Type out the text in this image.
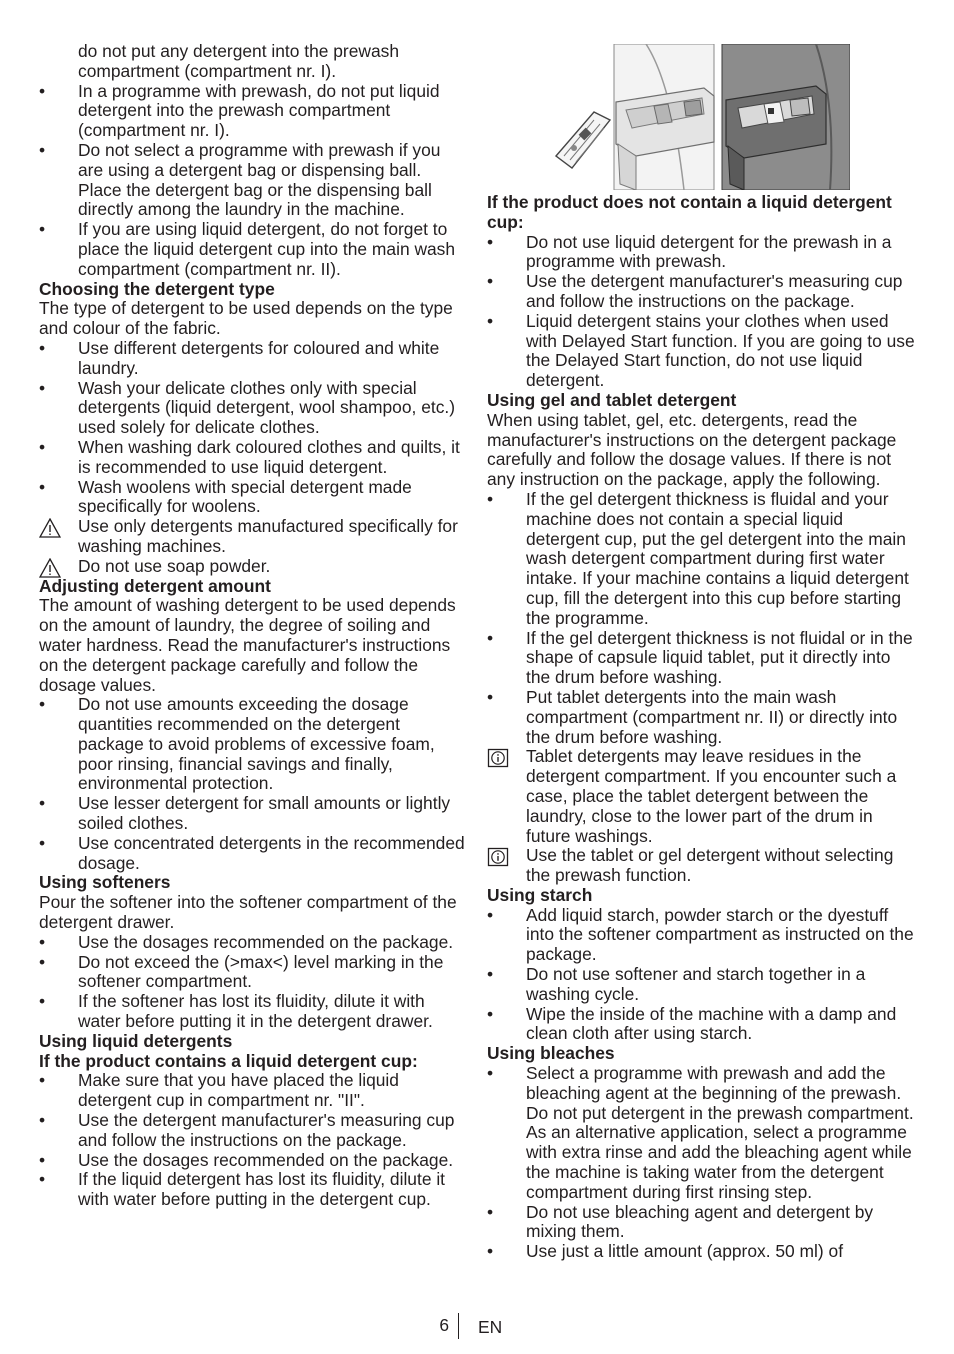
do not put any detergent into the prewash compartment (compartment nr. I).

•	In a programme with prewash, do not put liquid detergent into the prewash compartment (compartment nr. I).

•	Do not select a programme with prewash if you are using a detergent bag or dispensing ball. Place the detergent bag or the dispensing ball directly among the laundry in the machine.

•	If you are using liquid detergent, do not forget to place the liquid detergent cup into the main wash compartment (compartment nr. II).

Choosing the detergent type

The type of detergent to be used depends on the type and colour of the fabric.

•	Use different detergents for coloured and white laundry.

•	Wash your delicate clothes only with special detergents (liquid detergent, wool shampoo, etc.) used solely for delicate clothes.

•	When washing dark coloured clothes and quilts, it is recommended to use liquid detergent.

•	Wash woolens with special detergent made specifically for woolens.

Use only detergents manufactured specifically for washing machines.

Do not use soap powder.

Adjusting detergent amount

The amount of washing detergent to be used depends on the amount of laundry, the degree of soiling and water hardness. Read the manufacturer's instructions on the detergent package carefully and follow the dosage values.

•	Do not use amounts exceeding the dosage quantities recommended on the detergent package to avoid problems of excessive foam, poor rinsing, financial savings and finally, environmental protection.

•	Use lesser detergent for small amounts or lightly soiled clothes.

•	Use concentrated detergents in the recommended dosage.

Using softeners

Pour the softener into the softener compartment of the detergent drawer.

•	Use the dosages recommended on the package.

•	Do not exceed the (>max<) level marking in the softener compartment.

•	If the softener has lost its fluidity, dilute it with water before putting it in the detergent drawer.

Using liquid detergents

If the product contains a liquid detergent cup:

•	Make sure that you have placed the liquid detergent cup in compartment nr. "II".

•	Use the detergent manufacturer's measuring cup and follow the instructions on the package.

•	Use the dosages recommended on the package.

•	If the liquid detergent has lost its fluidity, dilute it with water before putting in the detergent cup.

If the product does not contain a liquid detergent cup:

•	Do not use liquid detergent for the prewash in a programme with prewash.

•	Use the detergent manufacturer's measuring cup and follow the instructions on the package.

•	Liquid detergent stains your clothes when used with Delayed Start function. If you are going to use the Delayed Start function, do not use liquid detergent.

Using gel and tablet detergent

When using tablet, gel, etc. detergents, read the manufacturer's instructions on the detergent package carefully and follow the dosage values. If there is not any instruction on the package, apply the following.

•	If the gel detergent thickness is fluidal and your machine does not contain a special liquid detergent cup, put the gel detergent into the main wash detergent compartment during first water intake. If your machine contains a liquid detergent cup, fill the detergent into this cup before starting the programme.

•	If the gel detergent thickness is not fluidal or in the shape of capsule liquid tablet, put it directly into the drum before washing.

•	Put tablet detergents into the main wash compartment (compartment nr. II) or directly into the drum before washing.

Tablet detergents may leave residues in the detergent compartment. If you encounter such a case, place the tablet detergent between the laundry, close to the lower part of the drum in future washings.

Use the tablet or gel detergent without selecting the prewash function.

Using starch

•	Add liquid starch, powder starch or the dyestuff into the softener compartment as instructed on the package.

•	Do not use softener and starch together in a washing cycle.

•	Wipe the inside of the machine with a damp and clean cloth after using starch.

Using bleaches

•	Select a programme with prewash and add the bleaching agent at the beginning of the prewash. Do not put detergent in the prewash compartment. As an alternative application, select a programme with extra rinse and add the bleaching agent while the machine is taking water from the detergent compartment during first rinsing step.

•	Do not use bleaching agent and detergent by mixing them.

•	Use just a little amount (approx. 50 ml) of

6 EN
